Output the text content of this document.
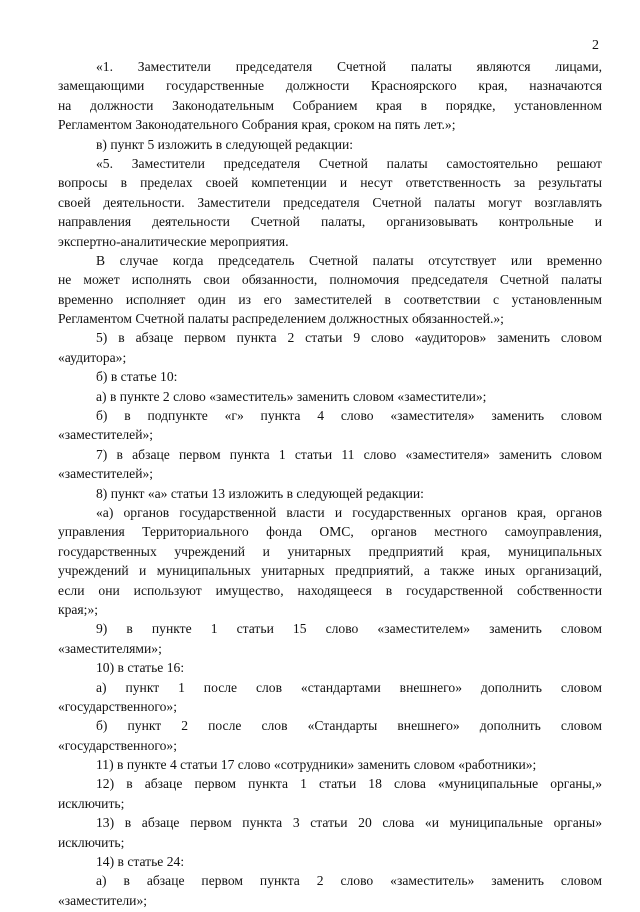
2
«1. Заместители председателя Счетной палаты являются лицами,
замещающими государственные должности Красноярского края, назначаются
на должности Законодательным Собранием края в порядке, установленном
Регламентом Законодательного Собрания края, сроком на пять лет.»;
в) пункт 5 изложить в следующей редакции:
«5. Заместители председателя Счетной палаты самостоятельно решают
вопросы в пределах своей компетенции и несут ответственность за результаты
своей деятельности. Заместители председателя Счетной палаты могут возглавлять
направления деятельности Счетной палаты, организовывать контрольные и
экспертно-аналитические мероприятия.
В случае когда председатель Счетной палаты отсутствует или временно
не может исполнять свои обязанности, полномочия председателя Счетной палаты
временно исполняет один из его заместителей в соответствии с установленным
Регламентом Счетной палаты распределением должностных обязанностей.»;
5) в абзаце первом пункта 2 статьи 9 слово «аудиторов» заменить словом
«аудитора»;
б) в статье 10:
а) в пункте 2 слово «заместитель» заменить словом «заместители»;
б) в подпункте «г» пункта 4 слово «заместителя» заменить словом
«заместителей»;
7) в абзаце первом пункта 1 статьи 11 слово «заместителя» заменить словом
«заместителей»;
8) пункт «а» статьи 13 изложить в следующей редакции:
«а) органов государственной власти и государственных органов края, органов
управления Территориального фонда ОМС, органов местного самоуправления,
государственных учреждений и унитарных предприятий края, муниципальных
учреждений и муниципальных унитарных предприятий, а также иных организаций,
если они используют имущество, находящееся в государственной собственности
края;»;
9) в пункте 1 статьи 15 слово «заместителем» заменить словом
«заместителями»;
10) в статье 16:
а) пункт 1 после слов «стандартами внешнего» дополнить словом
«государственного»;
б) пункт 2 после слов «Стандарты внешнего» дополнить словом
«государственного»;
11) в пункте 4 статьи 17 слово «сотрудники» заменить словом «работники»;
12) в абзаце первом пункта 1 статьи 18 слова «муниципальные органы,»
исключить;
13) в абзаце первом пункта 3 статьи 20 слова «и муниципальные органы»
исключить;
14) в статье 24:
а) в абзаце первом пункта 2 слово «заместитель» заменить словом
«заместители»;
